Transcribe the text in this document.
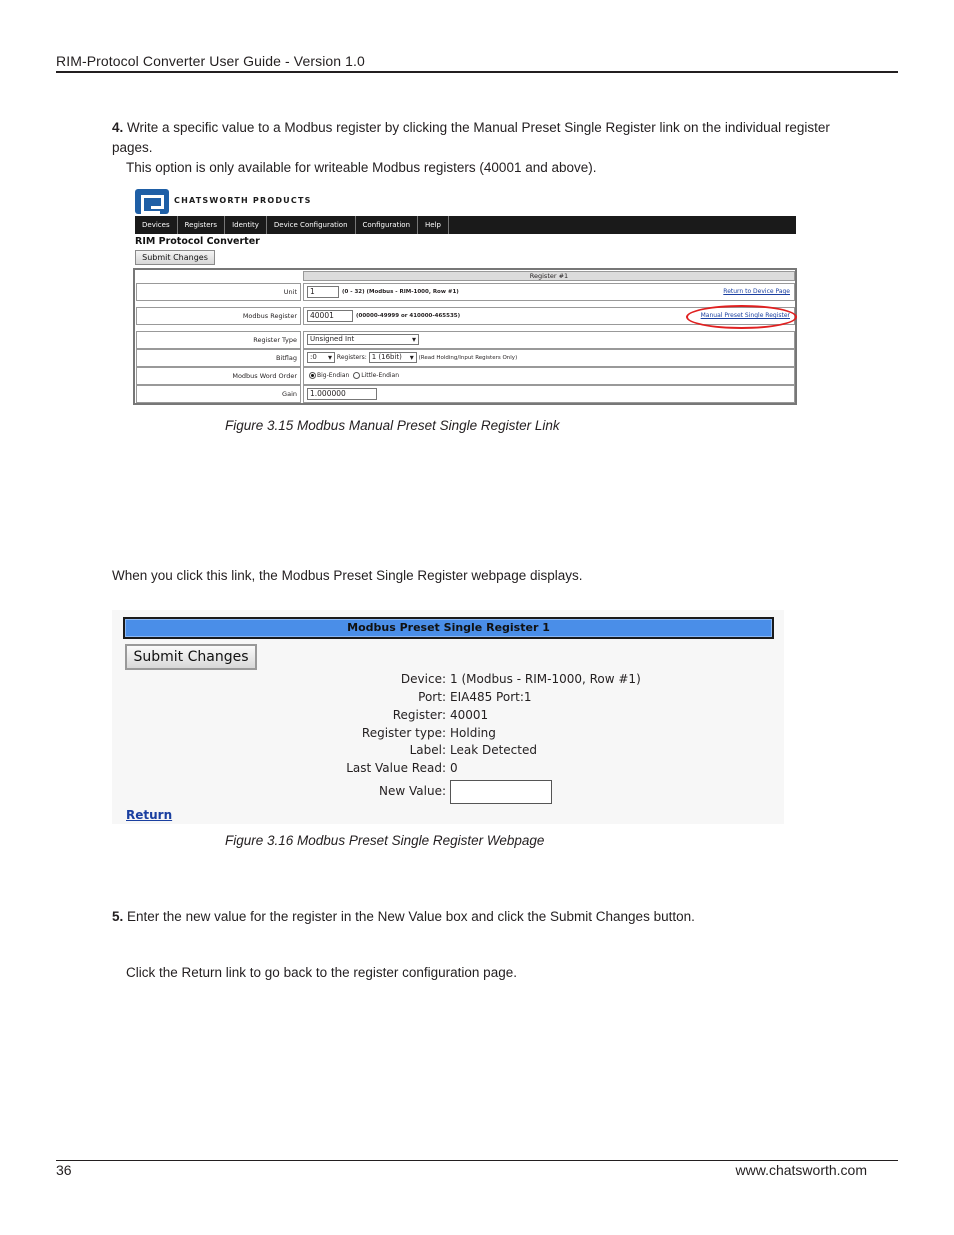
RIM-Protocol Converter User Guide - Version 1.0
4. Write a specific value to a Modbus register by clicking the Manual Preset Single Register link on the individual register pages.
This option is only available for writeable Modbus registers (40001 and above).
CHATSWORTH PRODUCTS
Devices	Registers	Identity	Device Configuration	Configuration	Help
RIM Protocol Converter
Submit Changes
Register #1
Unit	1	(0 - 32) (Modbus - RIM-1000, Row #1)	Return to Device Page
Modbus Register	40001	(00000-49999 or 410000-465535)	Manual Preset Single Register
Register Type	Unsigned Int ▾
Bitflag	:0 ▾	Registers: 1 (16bit) ▾	(Read Holding/Input Registers Only)
Modbus Word Order	Big-Endian Little-Endian
Gain	1.000000
Figure 3.15 Modbus Manual Preset Single Register Link
When you click this link, the Modbus Preset Single Register webpage displays.
Modbus Preset Single Register 1
Submit Changes
Device: 1 (Modbus - RIM-1000, Row #1)
Port: EIA485 Port:1
Register: 40001
Register type: Holding
Label: Leak Detected
Last Value Read: 0
New Value:
Return
Figure 3.16 Modbus Preset Single Register Webpage
5. Enter the new value for the register in the New Value box and click the Submit Changes button.
Click the Return link to go back to the register configuration page.
36	www.chatsworth.com
